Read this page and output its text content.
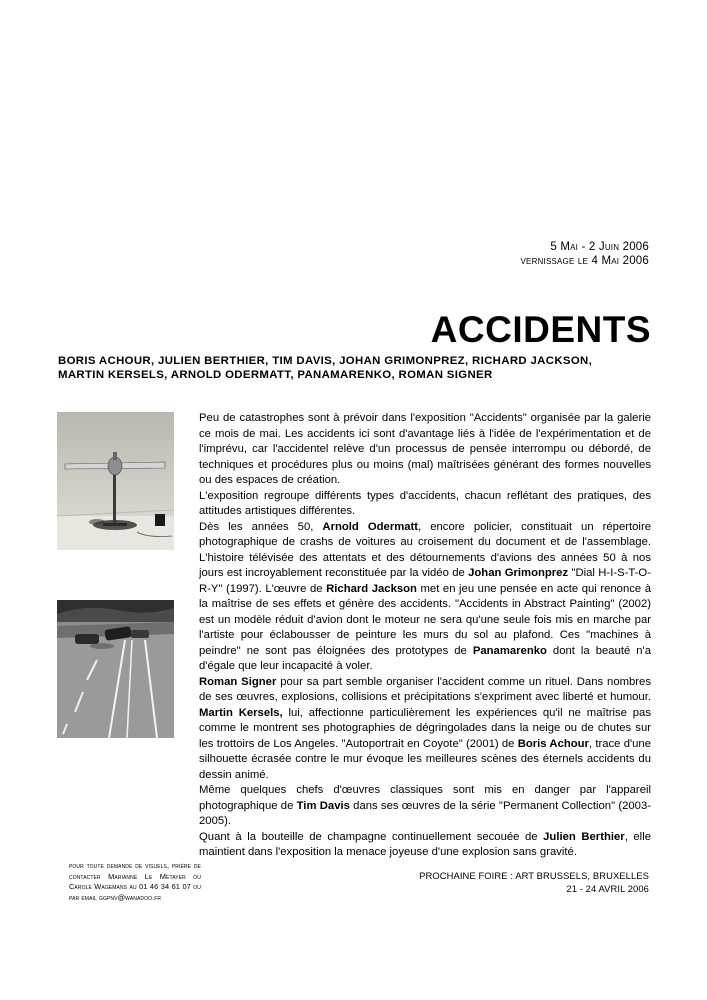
5 Mai - 2 Juin 2006
vernissage le 4 Mai 2006
ACCIDENTS
BORIS ACHOUR, JULIEN BERTHIER, TIM DAVIS, JOHAN GRIMONPREZ, RICHARD JACKSON,
MARTIN KERSELS, ARNOLD ODERMATT, PANAMARENKO, ROMAN SIGNER

Peu de catastrophes sont à prévoir dans l'exposition "Accidents" organisée par la galerie ce mois de mai. Les accidents ici sont d'avantage liés à l'idée de l'expérimentation et de l'imprévu, car l'accidentel relève d'un processus de pensée interrompu ou débordé, de techniques et procédures plus ou moins (mal) maîtrisées générant des formes nouvelles ou des espaces de création.

L'exposition regroupe différents types d'accidents, chacun reflétant des pratiques, des attitudes artistiques différentes.

Dès les années 50, Arnold Odermatt, encore policier, constituait un répertoire photographique de crashs de voitures au croisement du document et de l'assemblage. L'histoire télévisée des attentats et des détournements d'avions des années 50 à nos jours est incroyablement reconstituée par la vidéo de Johan Grimonprez "Dial H-I-S-T-O-R-Y" (1997). L'œuvre de Richard Jackson met en jeu une pensée en acte qui renonce à la maîtrise de ses effets et génère des accidents. "Accidents in Abstract Painting" (2002) est un modèle réduit d'avion dont le moteur ne sera qu'une seule fois mis en marche par l'artiste pour éclabousser de peinture les murs du sol au plafond. Ces "machines à peindre" ne sont pas éloignées des prototypes de Panamarenko dont la beauté n'a d'égale que leur incapacité à voler.

Roman Signer pour sa part semble organiser l'accident comme un rituel. Dans nombres de ses œuvres, explosions, collisions et précipitations s'expriment avec liberté et humour. Martin Kersels, lui, affectionne particulièrement les expériences qu'il ne maîtrise pas comme le montrent ses photographies de dégringolades dans la neige ou de chutes sur les trottoirs de Los Angeles. "Autoportrait en Coyote" (2001) de Boris Achour, trace d'une silhouette écrasée contre le mur évoque les meilleures scènes des éternels accidents du dessin animé.

Même quelques chefs d'œuvres classiques sont mis en danger par l'appareil photographique de Tim Davis dans ses œuvres de la série "Permanent Collection" (2003-2005).

Quant à la bouteille de champagne continuellement secouée de Julien Berthier, elle maintient dans l'exposition la menace joyeuse d'une explosion sans gravité.

pour toute demande de visuels, prière de contacter Marianne Le Métayer ou Carole Wagemans au 01 46 34 61 07 ou par email ggpnv@wanadoo.fr
PROCHAINE FOIRE : ART BRUSSELS, BRUXELLES
21 - 24 AVRIL 2006
